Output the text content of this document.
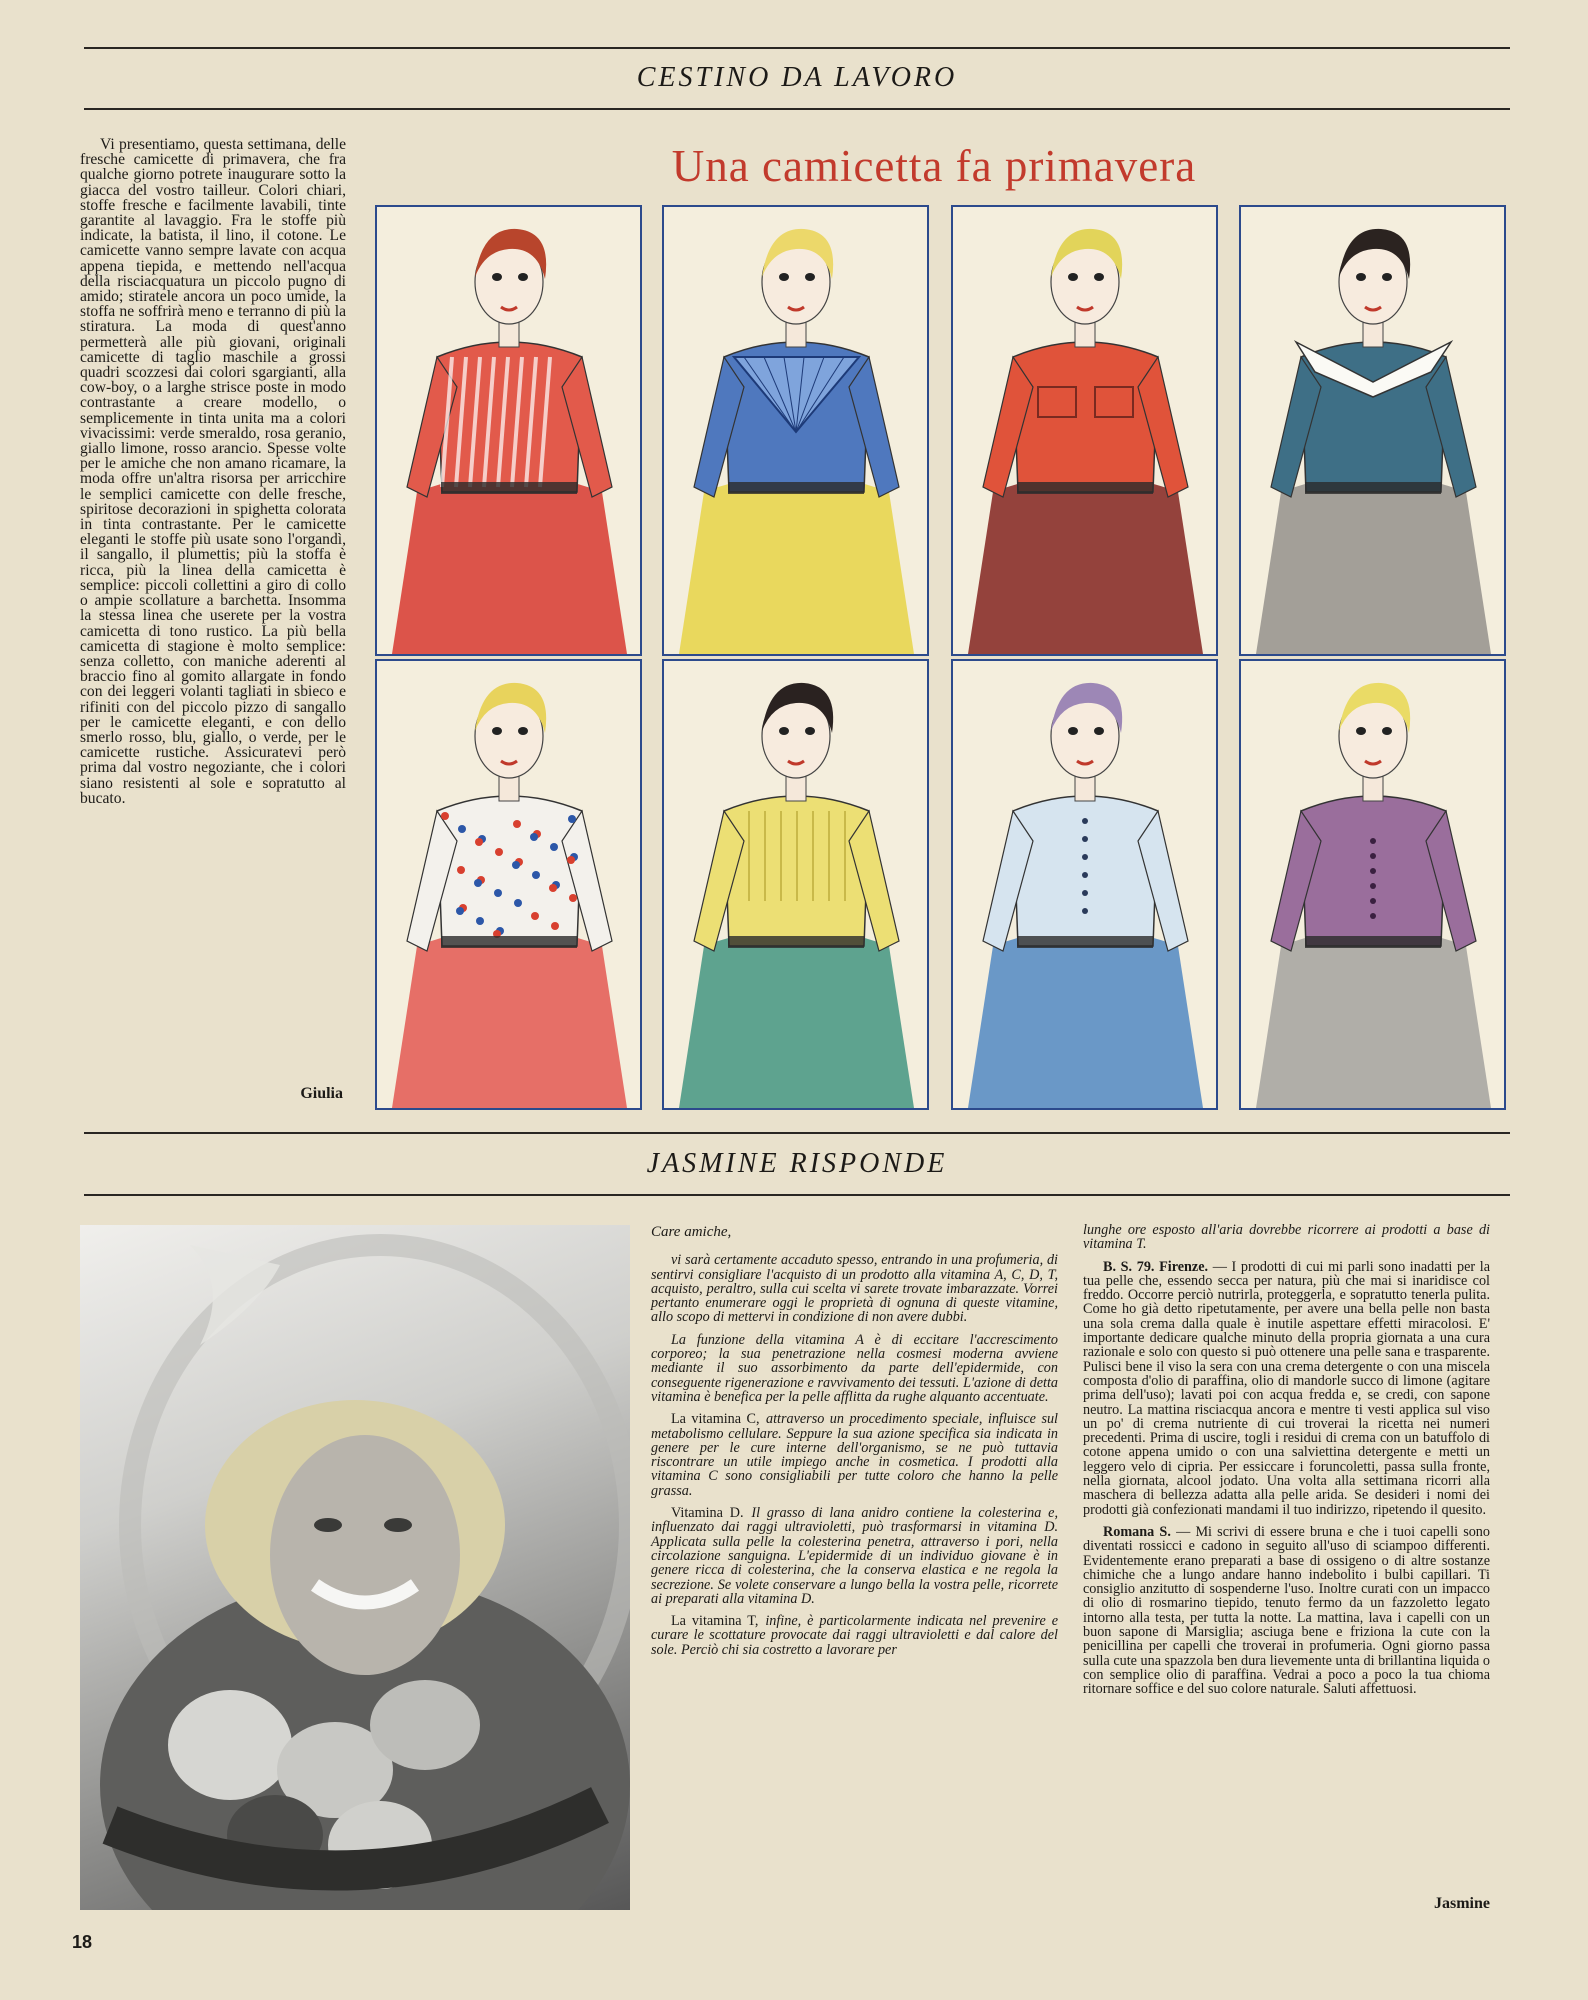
CESTINO DA LAVORO

Vi presentiamo, questa settimana, delle fresche camicette di primavera, che fra qualche giorno potrete inaugurare sotto la giacca del vostro tailleur. Colori chiari, stoffe fresche e facilmente lavabili, tinte garantite al lavaggio. Fra le stoffe più indicate, la batista, il lino, il cotone. Le camicette vanno sempre lavate con acqua appena tiepida, e mettendo nell'acqua della risciacquatura un piccolo pugno di amido; stiratele ancora un poco umide, la stoffa ne soffrirà meno e terranno di più la stiratura. La moda di quest'anno permetterà alle più giovani, originali camicette di taglio maschile a grossi quadri scozzesi dai colori sgargianti, alla cow-boy, o a larghe strisce poste in modo contrastante a creare modello, o semplicemente in tinta unita ma a colori vivacissimi: verde smeraldo, rosa geranio, giallo limone, rosso arancio. Spesse volte per le amiche che non amano ricamare, la moda offre un'altra risorsa per arricchire le semplici camicette con delle fresche, spiritose decorazioni in spighetta colorata in tinta contrastante. Per le camicette eleganti le stoffe più usate sono l'organdì, il sangallo, il plumettis; più la stoffa è ricca, più la linea della camicetta è semplice: piccoli collettini a giro di collo o ampie scollature a barchetta. Insomma la stessa linea che userete per la vostra camicetta di tono rustico. La più bella camicetta di stagione è molto semplice: senza colletto, con maniche aderenti al braccio fino al gomito allargate in fondo con dei leggeri volanti tagliati in sbieco e rifiniti con del piccolo pizzo di sangallo per le camicette eleganti, e con dello smerlo rosso, blu, giallo, o verde, per le camicette rustiche. Assicuratevi però prima dal vostro negoziante, che i colori siano resistenti al sole e sopratutto al bucato.

Giulia
Una camicetta fa primavera
JASMINE RISPONDE

Care amiche,

vi sarà certamente accaduto spesso, entrando in una profumeria, di sentirvi consigliare l'acquisto di un prodotto alla vitamina A, C, D, T, acquisto, peraltro, sulla cui scelta vi sarete trovate imbarazzate. Vorrei pertanto enumerare oggi le proprietà di ognuna di queste vitamine, allo scopo di mettervi in condizione di non avere dubbi.

La funzione della vitamina A è di eccitare l'accrescimento corporeo; la sua penetrazione nella cosmesi moderna avviene mediante il suo assorbimento da parte dell'epidermide, con conseguente rigenerazione e ravvivamento dei tessuti. L'azione di detta vitamina è benefica per la pelle afflitta da rughe alquanto accentuate.

La vitamina C, attraverso un procedimento speciale, influisce sul metabolismo cellulare. Seppure la sua azione specifica sia indicata in genere per le cure interne dell'organismo, se ne può tuttavia riscontrare un utile impiego anche in cosmetica. I prodotti alla vitamina C sono consigliabili per tutte coloro che hanno la pelle grassa.

Vitamina D. Il grasso di lana anidro contiene la colesterina e, influenzato dai raggi ultravioletti, può trasformarsi in vitamina D. Applicata sulla pelle la colesterina penetra, attraverso i pori, nella circolazione sanguigna. L'epidermide di un individuo giovane è in genere ricca di colesterina, che la conserva elastica e ne regola la secrezione. Se volete conservare a lungo bella la vostra pelle, ricorrete ai preparati alla vitamina D.

La vitamina T, infine, è particolarmente indicata nel prevenire e curare le scottature provocate dai raggi ultravioletti e dal calore del sole. Perciò chi sia costretto a lavorare per

lunghe ore esposto all'aria dovrebbe ricorrere ai prodotti a base di vitamina T.

B. S. 79. Firenze. — I prodotti di cui mi parli sono inadatti per la tua pelle che, essendo secca per natura, più che mai si inaridisce col freddo. Occorre perciò nutrirla, proteggerla, e sopratutto tenerla pulita. Come ho già detto ripetutamente, per avere una bella pelle non basta una sola crema dalla quale è inutile aspettare effetti miracolosi. E' importante dedicare qualche minuto della propria giornata a una cura razionale e solo con questo si può ottenere una pelle sana e trasparente. Pulisci bene il viso la sera con una crema detergente o con una miscela composta d'olio di paraffina, olio di mandorle succo di limone (agitare prima dell'uso); lavati poi con acqua fredda e, se credi, con sapone neutro. La mattina risciacqua ancora e mentre ti vesti applica sul viso un po' di crema nutriente di cui troverai la ricetta nei numeri precedenti. Prima di uscire, togli i residui di crema con un batuffolo di cotone appena umido o con una salviettina detergente e metti un leggero velo di cipria. Per essiccare i foruncoletti, passa sulla fronte, nella giornata, alcool jodato. Una volta alla settimana ricorri alla maschera di bellezza adatta alla pelle arida. Se desideri i nomi dei prodotti già confezionati mandami il tuo indirizzo, ripetendo il quesito.

Romana S. — Mi scrivi di essere bruna e che i tuoi capelli sono diventati rossicci e cadono in seguito all'uso di sciampoo differenti. Evidentemente erano preparati a base di ossigeno o di altre sostanze chimiche che a lungo andare hanno indebolito i bulbi capillari. Ti consiglio anzitutto di sospenderne l'uso. Inoltre curati con un impacco di olio di rosmarino tiepido, tenuto fermo da un fazzoletto legato intorno alla testa, per tutta la notte. La mattina, lava i capelli con un buon sapone di Marsiglia; asciuga bene e frizionа la cute con la penicillina per capelli che troverai in profumeria. Ogni giorno passa sulla cute una spazzola ben dura lievemente unta di brillantina liquida o con semplice olio di paraffina. Vedrai a poco a poco la tua chioma ritornare soffice e del suo colore naturale. Saluti affettuosi.

Jasmine
18
